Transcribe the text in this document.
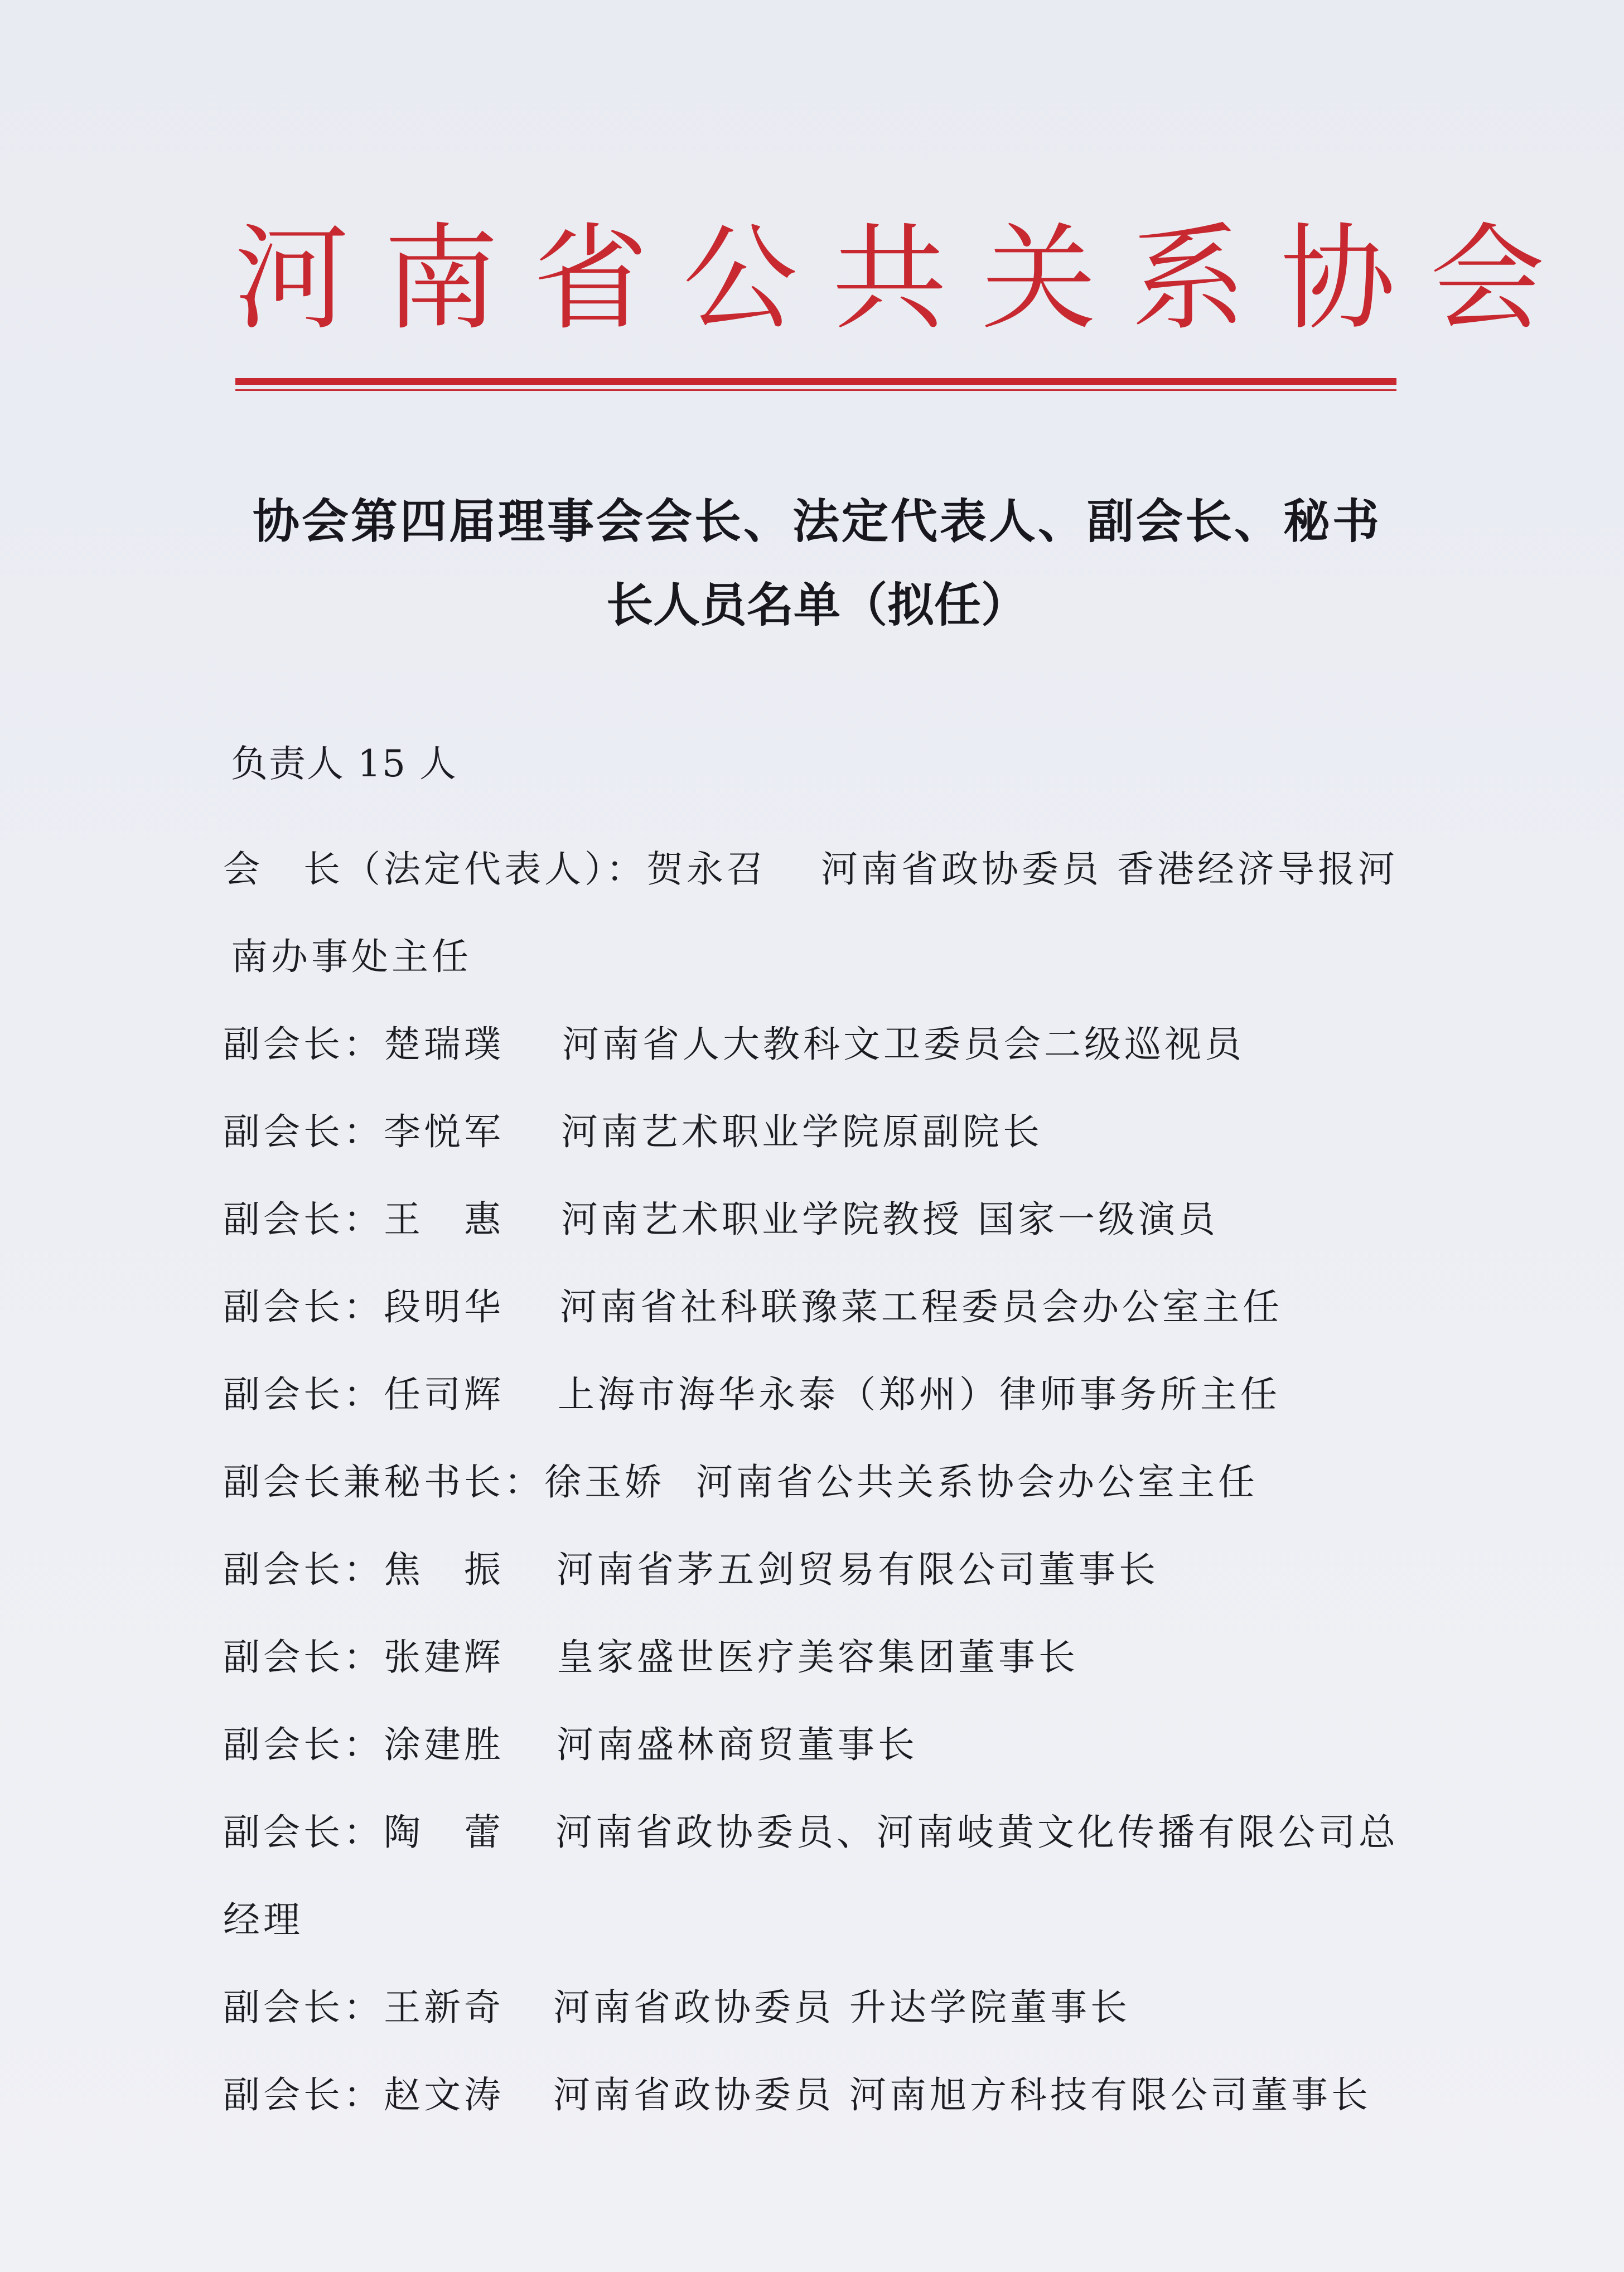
河南省公共关系协会
协会第四届理事会会长、法定代表人、副会长、秘书
长人员名单（拟任）
负责人 15 人
会　长（法定代表人）：贺永召 河南省政协委员 香港经济导报河
南办事处主任
副会长：楚瑞璞 河南省人大教科文卫委员会二级巡视员
副会长：李悦军 河南艺术职业学院原副院长
副会长：王　惠 河南艺术职业学院教授 国家一级演员
副会长：段明华 河南省社科联豫菜工程委员会办公室主任
副会长：任司辉 上海市海华永泰（郑州）律师事务所主任
副会长兼秘书长：徐玉娇 河南省公共关系协会办公室主任
副会长：焦　振 河南省茅五剑贸易有限公司董事长
副会长：张建辉 皇家盛世医疗美容集团董事长
副会长：涂建胜 河南盛林商贸董事长
副会长：陶　蕾 河南省政协委员、河南岐黄文化传播有限公司总
经理
副会长：王新奇 河南省政协委员 升达学院董事长
副会长：赵文涛 河南省政协委员 河南旭方科技有限公司董事长
